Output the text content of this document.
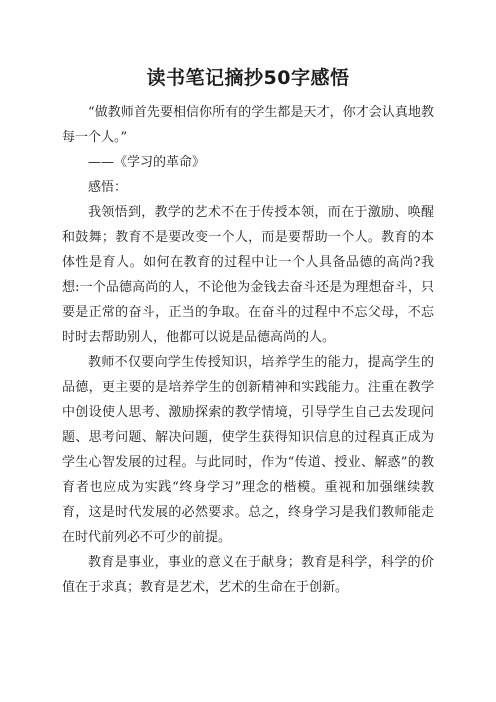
读书笔记摘抄50字感悟

“做教师首先要相信你所有的学生都是天才，你才会认真地教每一个人。”

——《学习的革命》

感悟：

我领悟到，教学的艺术不在于传授本领，而在于激励、唤醒和鼓舞；教育不是要改变一个人，而是要帮助一个人。教育的本体性是育人。如何在教育的过程中让一个人具备品德的高尚?我想:一个品德高尚的人，不论他为金钱去奋斗还是为理想奋斗，只要是正常的奋斗，正当的争取。在奋斗的过程中不忘父母，不忘时时去帮助别人，他都可以说是品德高尚的人。

教师不仅要向学生传授知识，培养学生的能力，提高学生的品德，更主要的是培养学生的创新精神和实践能力。注重在教学中创设使人思考、激励探索的教学情境，引导学生自己去发现问题、思考问题、解决问题，使学生获得知识信息的过程真正成为学生心智发展的过程。与此同时，作为“传道、授业、解惑”的教育者也应成为实践“终身学习”理念的楷模。重视和加强继续教育，这是时代发展的必然要求。总之，终身学习是我们教师能走在时代前列必不可少的前提。

教育是事业，事业的意义在于献身；教育是科学，科学的价值在于求真；教育是艺术，艺术的生命在于创新。
